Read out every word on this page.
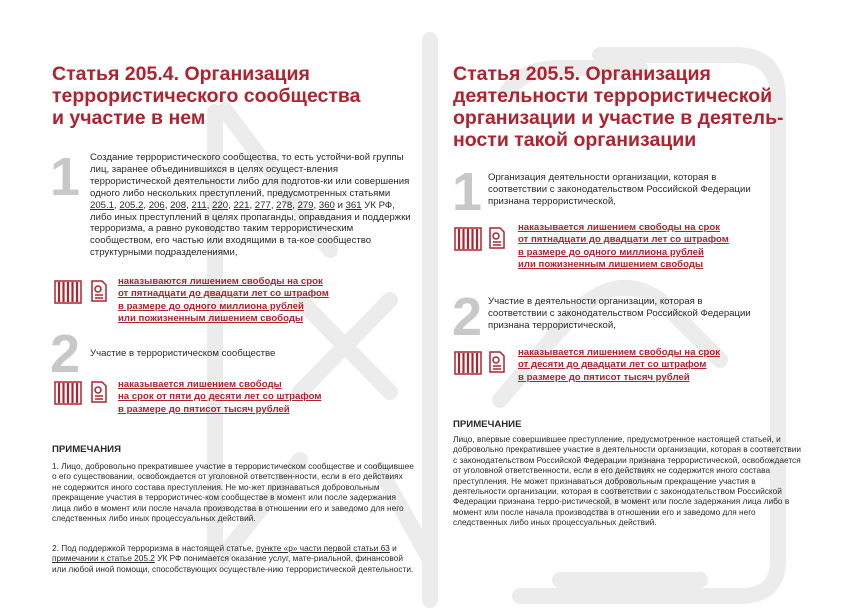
Статья 205.4. Организация
террористического сообщества
и участие в нем
1 Создание террористического сообщества, то есть устойчи-вой группы лиц, заранее объединившихся в целях осущест-вления террористической деятельности либо для подготов-ки или совершения одного либо нескольких преступлений, предусмотренных статьями 205.1, 205.2, 206, 208, 211, 220, 221, 277, 278, 279, 360 и 361 УК РФ, либо иных преступлений в целях пропаганды, оправдания и поддержки терроризма, а равно руководство таким террористическим сообществом, его частью или входящими в та-кое сообщество структурными подразделениями,

наказываются лишением свободы на срок
от пятнадцати до двадцати лет со штрафом
в размере до одного миллиона рублей
или пожизненным лишением свободы
2 Участие в террористическом сообществе

наказывается лишением свободы
на срок от пяти до десяти лет со штрафом
в размере до пятисот тысяч рублей
ПРИМЕЧАНИЯ

1. Лицо, добровольно прекратившее участие в террористическом сообществе и сообщившее о его существовании, освобождается от уголовной ответствен-ности, если в его действиях не содержится иного состава преступления. Не мо-жет признаваться добровольным прекращение участия в террористичес-ком сообществе в момент или после задержания лица либо в момент или после начала производства в отношении его и заведомо для него следственных либо иных процессуальных действий.

2. Под поддержкой терроризма в настоящей статье, пункте «р» части первой статьи 63 и примечании к статье 205.2 УК РФ понимается оказание услуг, мате-риальной, финансовой или любой иной помощи, способствующих осуществле-нию террористической деятельности.

Статья 205.5. Организация
деятельности террористической
организации и участие в деятель-
ности такой организации
1 Организация деятельности организации, которая в соответствии с законодательством Российской Федерации признана террористической,

наказывается лишением свободы на срок
от пятнадцати до двадцати лет со штрафом
в размере до одного миллиона рублей
или пожизненным лишением свободы
2 Участие в деятельности организации, которая в соответствии с законодательством Российской Федерации признана террористической,

наказывается лишением свободы на срок
от десяти до двадцати лет со штрафом
в размере до пятисот тысяч рублей
ПРИМЕЧАНИЕ

Лицо, впервые совершившее преступление, предусмотренное настоящей статьей, и добровольно прекратившее участие в деятельности организации, которая в соответствии с законодательством Российской Федерации признана террористической, освобождается от уголовной ответственности, если в его действиях не содержится иного состава преступления. Не может признаваться добровольным прекращение участия в деятельности организации, которая в соответствии с законодательством Российской Федерации признана терро-ристической, в момент или после задержания лица либо в момент или после начала производства в отношении его и заведомо для него следственных либо иных процессуальных действий.
